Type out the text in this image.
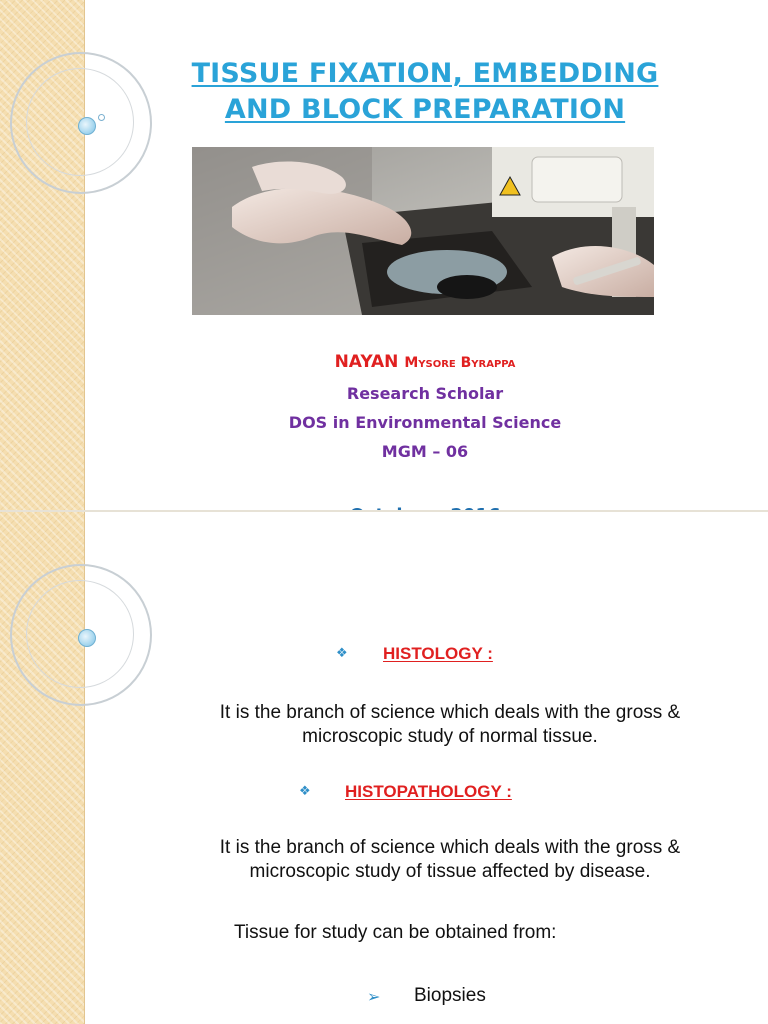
TISSUE FIXATION, EMBEDDING
AND BLOCK PREPARATION
NAYAN Mysore Byrappa
Research Scholar
DOS in Environmental Science
MGM – 06
❖ HISTOLOGY :
It is the branch of science which deals with the gross &
microscopic study of normal tissue.
❖ HISTOPATHOLOGY :
It is the branch of science which deals with the gross &
microscopic study of tissue affected by disease.
Tissue for study can be obtained from:
➢ Biopsies
